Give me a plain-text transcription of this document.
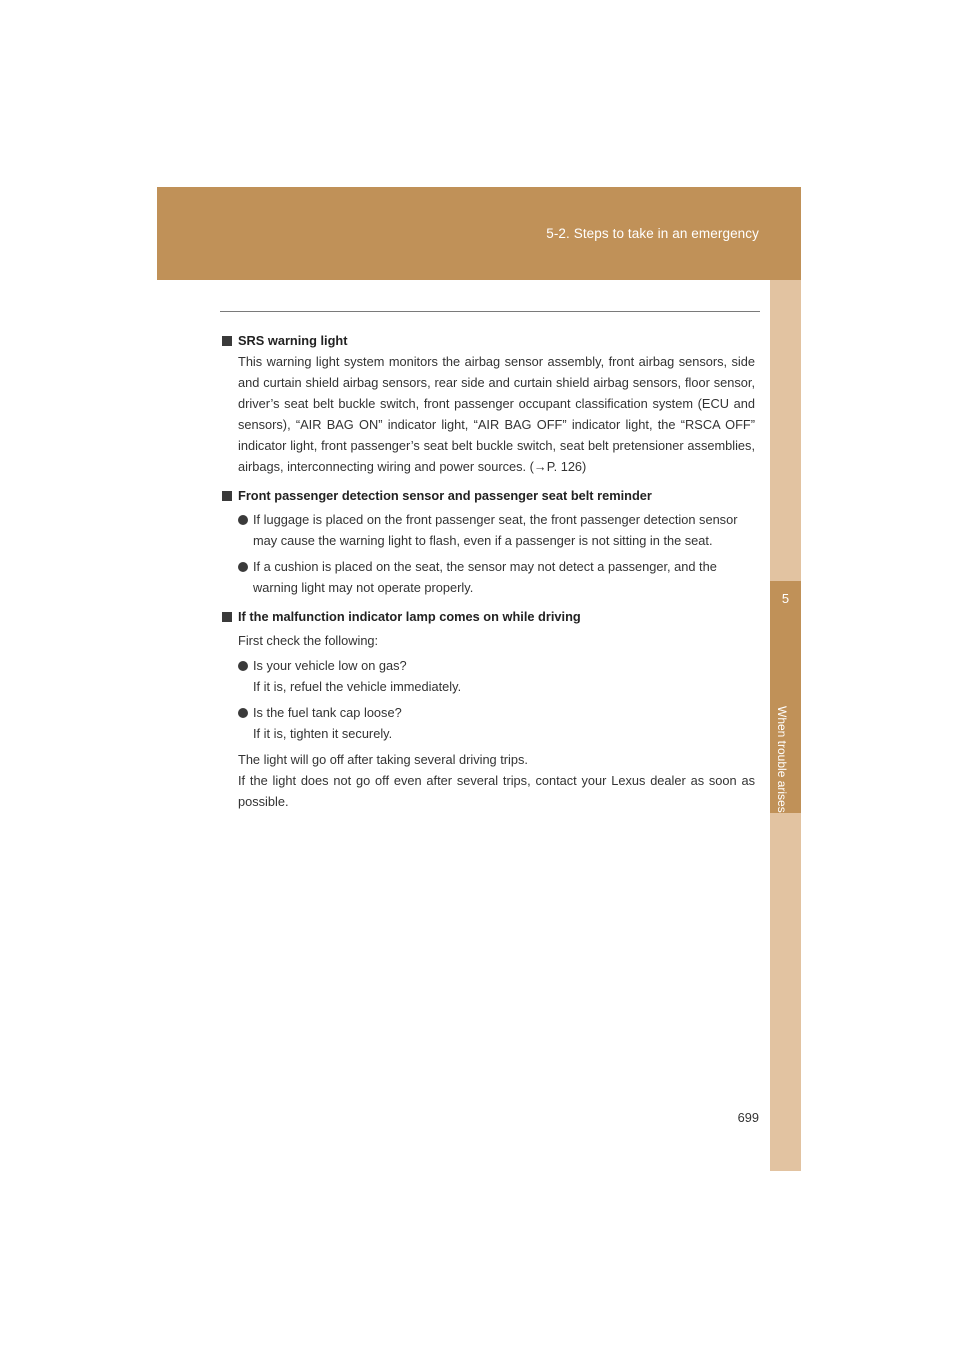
5-2. Steps to take in an emergency
5
When trouble arises

SRS warning light

This warning light system monitors the airbag sensor assembly, front airbag sensors, side and curtain shield airbag sensors, rear side and curtain shield airbag sensors, floor sensor, driver’s seat belt buckle switch, front passenger occupant classification system (ECU and sensors), “AIR BAG ON” indicator light, “AIR BAG OFF” indicator light, the “RSCA OFF” indicator light, front passenger’s seat belt buckle switch, seat belt pretensioner assemblies, airbags, interconnecting wiring and power sources. (→P. 126)

Front passenger detection sensor and passenger seat belt reminder

If luggage is placed on the front passenger seat, the front passenger detection sensor may cause the warning light to flash, even if a passenger is not sitting in the seat.
If a cushion is placed on the seat, the sensor may not detect a passenger, and the warning light may not operate properly.

If the malfunction indicator lamp comes on while driving

First check the following:

Is your vehicle low on gas?
If it is, refuel the vehicle immediately.
Is the fuel tank cap loose?
If it is, tighten it securely.

The light will go off after taking several driving trips.

If the light does not go off even after several trips, contact your Lexus dealer as soon as possible.

699
